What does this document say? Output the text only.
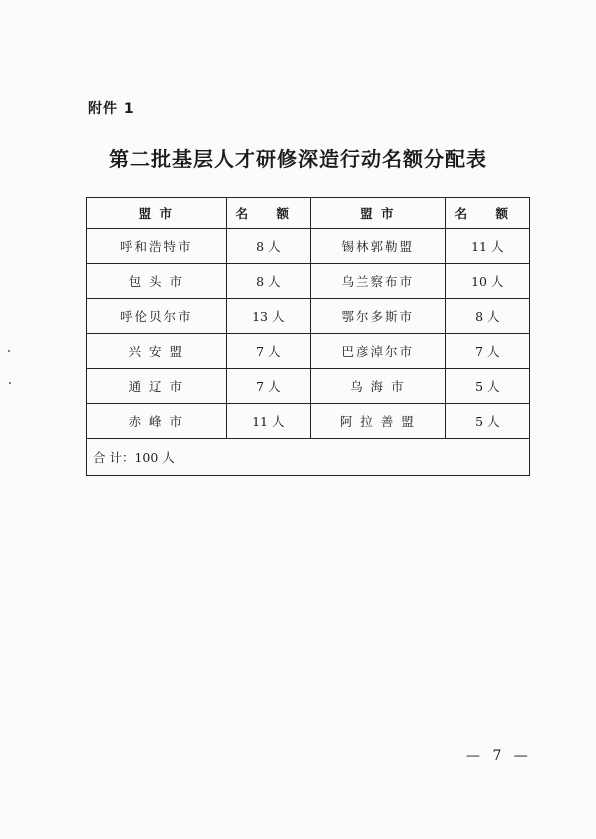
附件 1
第二批基层人才研修深造行动名额分配表
盟 市	名 额	盟 市	名 额
呼和浩特市	8 人	锡林郭勒盟	11 人
包 头 市	8 人	乌兰察布市	10 人
呼伦贝尔市	13 人	鄂尔多斯市	8 人
兴 安 盟	7 人	巴彦淖尔市	7 人
通 辽 市	7 人	乌 海 市	5 人
赤 峰 市	11 人	阿 拉 善 盟	5 人
合 计：100 人			
— 7 —
